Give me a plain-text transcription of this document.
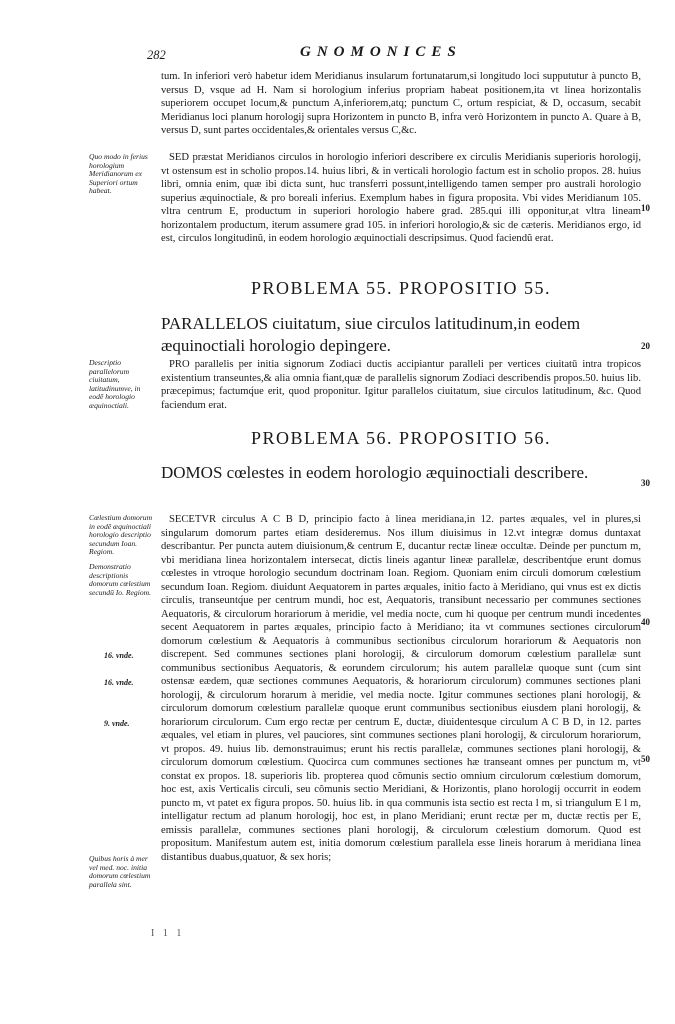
282	GNOMONICES
tum. In inferiori verò habetur idem Meridianus insularum fortunatarum,si longitudo loci suppututur à puncto B, versus D, vsque ad H. Nam si horologium inferius propriam habeat positionem,ita vt linea horizontalis superiorem occupet locum,& punctum A,inferiorem,atq; punctum C, ortum respiciat, & D, occasum, secabit Meridianus loci planum horologij supra Horizontem in puncto B, infra verò Horizontem in puncto A. Quare à B, versus D, sunt partes occidentales,& orientales versus C,&c.
SED præstat Meridianos circulos in horologio inferiori describere ex circulis Meridianis superioris horologij, vt ostensum est in scholio propos.14. huius libri, & in verticali horologio factum est in scholio propos. 28. huius libri, omnia enim, quæ ibi dicta sunt, huc transferri possunt,intelligendo tamen semper pro australi horologio superius æquinoctiale, & pro boreali inferius. Exemplum habes in figura proposita. Vbi vides Meridianum 105. vltra centrum E, productum in superiori horologio habere grad. 285.qui illi opponitur,at vltra lineam horizontalem productum, iterum assumere grad 105. in inferiori horologio,& sic de cæteris. Meridianos ergo, id est, circulos longitudinũ, in eodem horologio æquinoctiali descripsimus. Quod faciendũ erat.
PROBLEMA 55. PROPOSITIO 55.
PARALLELOS ciuitatum, siue circulos latitudinum,in eodem æquinoctiali horologio depingere.
PRO parallelis per initia signorum Zodiaci ductis accipiantur paralleli per vertices ciuitatū intra tropicos existentium transeuntes,& alia omnia fiant,quæ de parallelis signorum Zodiaci describendis propos.50. huius lib. præcepimus; factumq́ue erit, quod proponitur. Igitur parallelos ciuitatum, siue circulos latitudinum, &c. Quod faciendum erat.
PROBLEMA 56. PROPOSITIO 56.
DOMOS cœlestes in eodem horologio æquinoctiali describere.
SECETVR circulus A C B D, principio facto à linea meridiana,in 12. partes æquales, vel in plures,si singularum domorum partes etiam desideremus. Nos illum diuisimus in 12.vt integræ domus duntaxat describantur. Per puncta autem diuisionum,& centrum E, ducantur rectæ lineæ occultæ. Deinde per punctum m, vbi meridiana linea horizontalem intersecat, dictis lineis agantur lineæ parallelæ, describentq́ue erunt domus cœlestes in vtroque horologio secundum doctrinam Ioan. Regiom. Quoniam enim circuli domorum cœlestium secundum Ioan. Regiom. diuidunt Aequatorem in partes æquales, initio facto à Meridiano, qui vnus est ex dictis circulis, transeuntq́ue per centrum mundi, hoc est, Aequatoris, transibunt necessario per communes sectiones Aequatoris, & circulorum horariorum à meridie, vel media nocte, cum hi quoque per centrum mundi incedentes secent Aequatorem in partes æquales, principio facto à Meridiano; ita vt communes sectiones circulorum domorum cœlestium & Aequatoris à communibus sectionibus circulorum horariorum & Aequatoris non discrepent. Sed communes sectiones plani horologij, & circulorum domorum cœlestium parallelæ sunt communibus sectionibus Aequatoris, & eorundem circulorum; his autem parallelæ quoque sunt (cum sint ostensæ eædem, quæ sectiones communes Aequatoris, & horariorum circulorum) communes sectiones plani horologij, & circulorum horarum à meridie, vel media nocte. Igitur communes sectiones plani horologij, & circulorum domorum cœlestium parallelæ quoque erunt communibus sectionibus eiusdem plani horologij, & horariorum circulorum. Cum ergo rectæ per centrum E, ductæ, diuidentesque circulum A C B D, in 12. partes æquales, vel etiam in plures, vel pauciores, sint communes sectiones plani horologij, & circulorum horariorum, vt propos. 49. huius lib. demonstrauimus; erunt his rectis parallelæ, communes sectiones plani horologij, & circulorum domorum cœlestium. Quocirca cum communes sectiones hæ transeant omnes per punctum m, vt constat ex propos. 18. superioris lib. propterea quod cõmunis sectio omnium circulorum cœlestium domorum, hoc est, axis Verticalis circuli, seu cõmunis sectio Meridiani, & Horizontis, plano horologij occurrit in eodem puncto m, vt patet ex figura propos. 50. huius lib. in qua communis ista sectio est recta l m, si triangulum E l m, intelligatur rectum ad planum horologij, hoc est, in plano Meridiani; erunt rectæ per m, ductæ rectis per E, emissis parallelæ, communes sectiones plani horologij, & circulorum cœlestium domorum. Quod est propositum. Manifestum autem est, initia domorum cœlestium parallela esse lineis horarum à meridiana linea distantibus duabus,quatuor, & sex horis;
Quo modo in ferius horologium Meridianorum ex Superiori ortum habeat.
Descriptio parallelorum ciuitatum, latitudinumve, in eodē horologio æquinoctiali.
Cœlestium domorum in eodē æquinoctiali horologio descriptio secundum Ioan. Regiom.
Demonstratio descriptionis domorum cœlestium secundū Io. Regiom.
16. vnde.
16. vnde.
9. vnde.
Quibus horis à mer vel med. noc. initia domorum cœlestium parallela sint.
10
20
30
40
50
I 1 1
